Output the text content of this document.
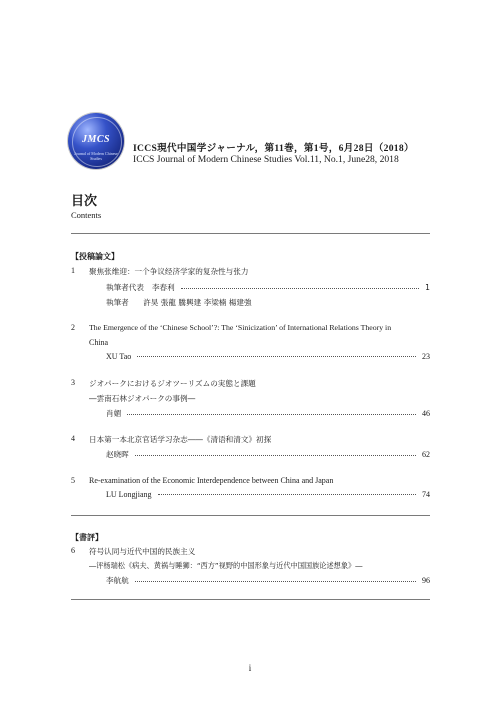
JMCS
Journal of Modern Chinese Studies
ICCS現代中国学ジャーナル，第11巻，第1号，6月28日（2018）
ICCS Journal of Modern Chinese Studies Vol.11, No.1, June28, 2018
目次
Contents
【投稿論文】
1 聚焦张维迎：一个争议经济学家的复杂性与张力
執筆者代表 李春利	1
執筆者 許昊 張龍 騰興建 李梁楠 楊建強
2 The Emergence of the ‘Chinese School’?: The ‘Sinicization’ of International Relations Theory in
China
XU Tao	23
3 ジオパークにおけるジオツーリズムの実態と課題
―雲南石林ジオパークの事例―
肖媚	46
4 日本第一本北京官话学习杂志――《清语和清文》初探
赵晓晖	62
5 Re-examination of the Economic Interdependence between China and Japan
LU Longjiang	74
【書評】
6 符号认同与近代中国的民族主义
―评杨瑞松《病夫、黄祸与睡狮：“西方”视野的中国形象与近代中国国族论述想象》―
李航航	96
i
